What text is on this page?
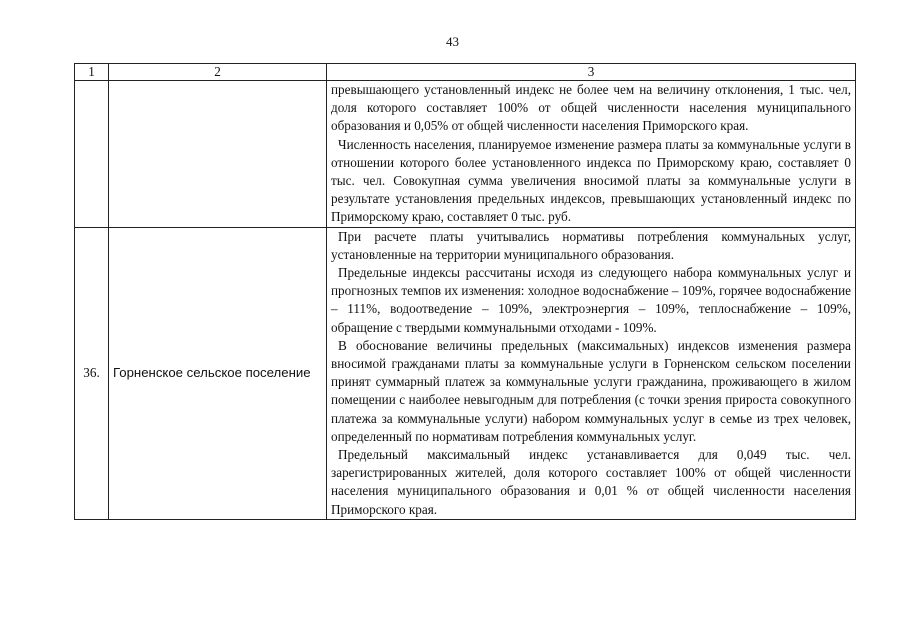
43
1	2	3

		превышающего установленный индекс не более чем на величину отклонения, 1 тыс. чел, доля которого составляет 100% от общей численности населения муниципального образования и 0,05% от общей численности населения Приморского края.

Численность населения, планируемое изменение размера платы за коммунальные услуги в отношении которого более установленного индекса по Приморскому краю, составляет 0 тыс. чел. Совокупная сумма увеличения вносимой платы за коммунальные услуги в результате установления предельных индексов, превышающих установленный индекс по Приморскому краю, составляет 0 тыс. руб.

36.	Горненское сельское поселение	При расчете платы учитывались нормативы потребления коммунальных услуг, установленные на территории муниципального образования.

Предельные индексы рассчитаны исходя из следующего набора коммунальных услуг и прогнозных темпов их изменения: холодное водоснабжение – 109%, горячее водоснабжение – 111%, водоотведение – 109%, электроэнергия – 109%, теплоснабжение – 109%, обращение с твердыми коммунальными отходами - 109%.

В обоснование величины предельных (максимальных) индексов изменения размера вносимой гражданами платы за коммунальные услуги в Горненском сельском поселении принят суммарный платеж за коммунальные услуги гражданина, проживающего в жилом помещении с наиболее невыгодным для потребления (с точки зрения прироста совокупного платежа за коммунальные услуги) набором коммунальных услуг в семье из трех человек, определенный по нормативам потребления коммунальных услуг.

Предельный максимальный индекс устанавливается для 0,049 тыс. чел. зарегистрированных жителей, доля которого составляет 100% от общей численности населения муниципального образования и 0,01 % от общей численности населения Приморского края.
